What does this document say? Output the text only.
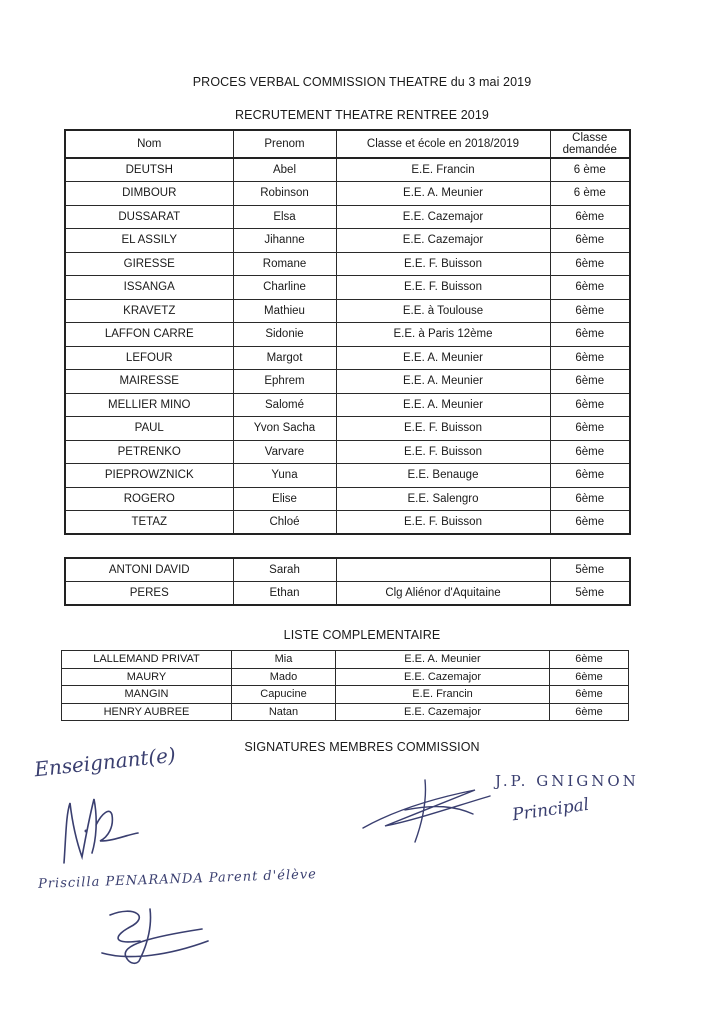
PROCES VERBAL COMMISSION THEATRE du 3 mai 2019
RECRUTEMENT THEATRE RENTREE 2019
Nom	Prenom	Classe et école en 2018/2019	Classe demandée
DEUTSH	Abel	E.E. Francin	6 ème
DIMBOUR	Robinson	E.E. A. Meunier	6 ème
DUSSARAT	Elsa	E.E. Cazemajor	6ème
EL ASSILY	Jihanne	E.E. Cazemajor	6ème
GIRESSE	Romane	E.E. F. Buisson	6ème
ISSANGA	Charline	E.E. F. Buisson	6ème
KRAVETZ	Mathieu	E.E. à Toulouse	6ème
LAFFON CARRE	Sidonie	E.E. à Paris 12ème	6ème
LEFOUR	Margot	E.E. A. Meunier	6ème
MAIRESSE	Ephrem	E.E. A. Meunier	6ème
MELLIER MINO	Salomé	E.E. A. Meunier	6ème
PAUL	Yvon Sacha	E.E. F. Buisson	6ème
PETRENKO	Varvare	E.E. F. Buisson	6ème
PIEPROWZNICK	Yuna	E.E. Benauge	6ème
ROGERO	Elise	E.E. Salengro	6ème
TETAZ	Chloé	E.E. F. Buisson	6ème
ANTONI DAVID	Sarah		5ème
PERES	Ethan	Clg Aliénor d'Aquitaine	5ème
LISTE COMPLEMENTAIRE
LALLEMAND PRIVAT	Mia	E.E. A. Meunier	6ème
MAURY	Mado	E.E. Cazemajor	6ème
MANGIN	Capucine	E.E. Francin	6ème
HENRY AUBREE	Natan	E.E. Cazemajor	6ème
SIGNATURES MEMBRES COMMISSION
Enseignant(e)	J.P. GNIGNON
Principal
Priscilla PENARANDA Parent d'élève
